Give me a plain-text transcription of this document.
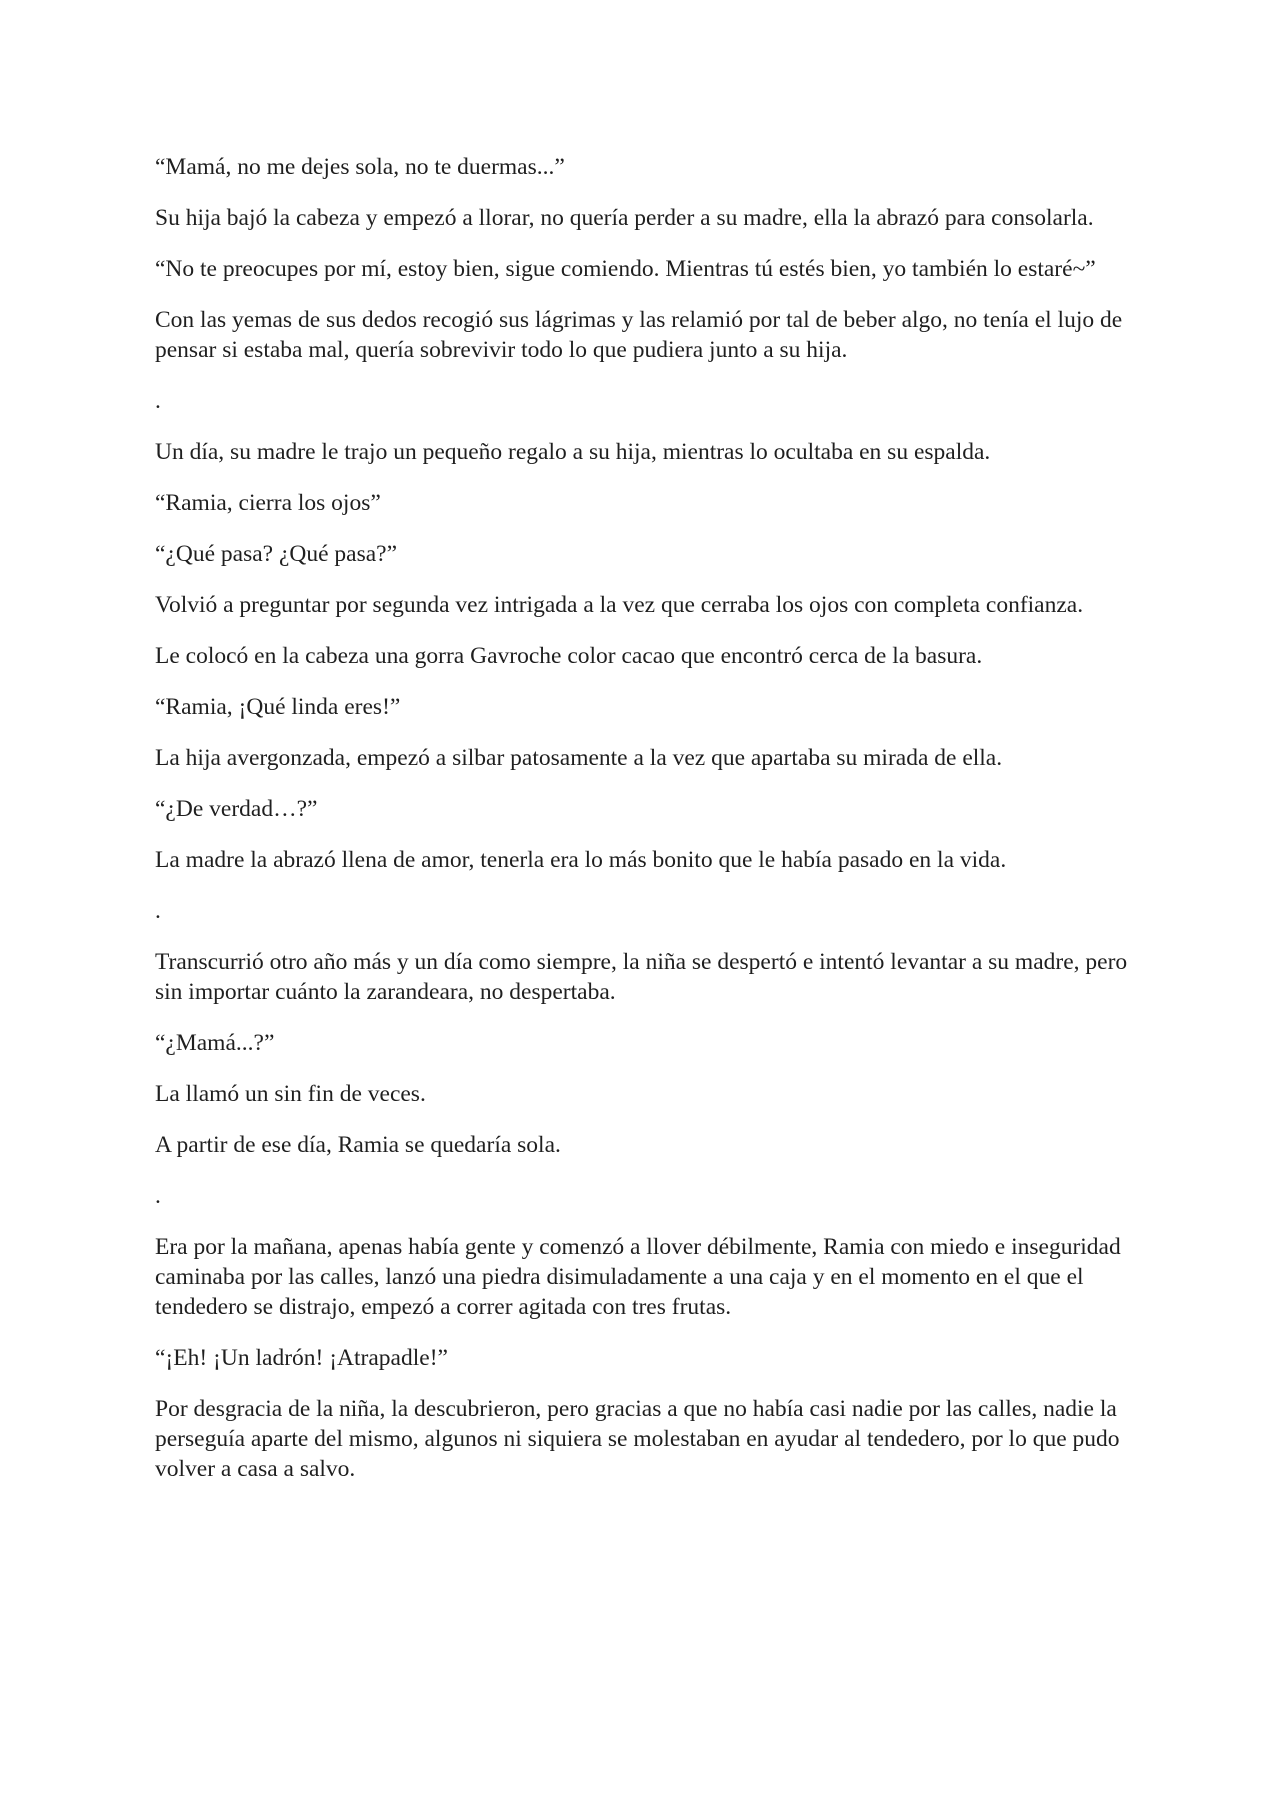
“Mamá, no me dejes sola, no te duermas...”

Su hija bajó la cabeza y empezó a llorar, no quería perder a su madre, ella la abrazó para consolarla.

“No te preocupes por mí, estoy bien, sigue comiendo. Mientras tú estés bien, yo también lo estaré~”

Con las yemas de sus dedos recogió sus lágrimas y las relamió por tal de beber algo, no tenía el lujo de pensar si estaba mal, quería sobrevivir todo lo que pudiera junto a su hija.

.

Un día, su madre le trajo un pequeño regalo a su hija, mientras lo ocultaba en su espalda.

“Ramia, cierra los ojos”

“¿Qué pasa? ¿Qué pasa?”

Volvió a preguntar por segunda vez intrigada a la vez que cerraba los ojos con completa confianza.

Le colocó en la cabeza una gorra Gavroche color cacao que encontró cerca de la basura.

“Ramia, ¡Qué linda eres!”

La hija avergonzada, empezó a silbar patosamente a la vez que apartaba su mirada de ella.

“¿De verdad…?”

La madre la abrazó llena de amor, tenerla era lo más bonito que le había pasado en la vida.

.

Transcurrió otro año más y un día como siempre, la niña se despertó e intentó levantar a su madre, pero sin importar cuánto la zarandeara, no despertaba.

“¿Mamá...?”

La llamó un sin fin de veces.

A partir de ese día, Ramia se quedaría sola.

.

Era por la mañana, apenas había gente y comenzó a llover débilmente, Ramia con miedo e inseguridad caminaba por las calles, lanzó una piedra disimuladamente a una caja y en el momento en el que el tendedero se distrajo, empezó a correr agitada con tres frutas.

“¡Eh! ¡Un ladrón! ¡Atrapadle!”

Por desgracia de la niña, la descubrieron, pero gracias a que no había casi nadie por las calles, nadie la perseguía aparte del mismo, algunos ni siquiera se molestaban en ayudar al tendedero, por lo que pudo volver a casa a salvo.
